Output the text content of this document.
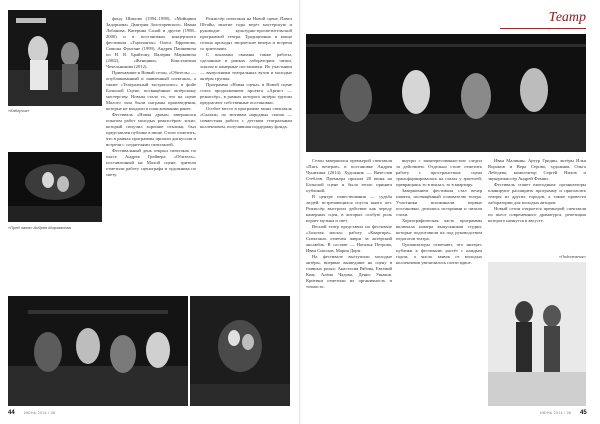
«Каблучок»
«Пред наем» Андрея Мирзаянова

фонд Шипова (1994–1998), «Мойщики Задорнова» Дмитрия Золотаревского, Ивана Лобанова, Катерина Салай и другие (1998–2000) и в постановках концертного фестиваля «Горизонты» Олега Ефремова, Симона Фонтане (1999), Андрея Пашкевича по Н. В. Брайтону, Валерия Марковича (2002), «Женщина» Константина Чечельникова (2012).

Приехавшие в Новый сезон, «Обитель» — опубликованный и заявленный спектакль, а также «Театральный экстрополис» в фойе Большой Сцене, посвящённые актёрскому мастерству. Новым стало то, что на сцене Малого зала были сыграны произведения, которые не входили в план компании ранее.

Фестиваль «Новая драма» завершился показом работ молодых режиссёров: эскиз, который получил хорошие отклики, был представлен публике в июне. Стоит отметить, что в рамках программы прошли дискуссии и встречи с создателями спектаклей.

Фестивальный день открыл спектакль по пьесе Андрея Грейвера «Обитель», поставленный на Малой сцене; зрители отметили работу сценографа и художника по свету.

Режиссёр спектакля на Новой сцене, Павел Штайн, многие годы ведёт мастерскую и руководит культурно-просветительской программой театра. Традиционно в конце сезона проходят творческие вечера и встречи со зрителями.

С показами связаны также работы, сделанные в рамках лаборатории: читки, эскизы и камерные постановки. Их участники — выпускники театральных вузов и молодые актёры труппы.

Программа «Новая сцена» в Новой сцене стала продолжением проекта «Артист — режиссёр», в рамках которого актёры труппы предлагают собственные постановки.

Особое место в программе занял спектакль «Сказки» по мотивам народных сказок — совместная работа с детским театральным коллективом, получившая поддержку фонда.

44	ИЮНЬ 2014 / 06
Театр

Сезон завершился премьерой спектакля «Пять вечеров» в постановке Андрея Чунихина (2014). Художник — Вячеслав Стеблов. Премьера прошла 28 июня на Большой сцене и была тепло принята публикой.

В центре повествования — судьба людей, встречающихся спустя много лет. Режиссёр выстроил действие как череду камерных сцен, в которых особую роль играет музыка и свет.

Весной театр представил на фестивале «Золотая маска» работу «Квартира». Спектакль отмечен жюри за актёрский ансамбль. В составе — Наталья Петрова, Иван Соколов, Мария Дорн.

На фестивале выступили молодые актёры, впервые вышедшие на сцену в главных ролях: Анастасия Рябова, Евгений Ким, Алёна Чадова, Денис Ушаков. Критики отметили их органичность и точность.

внутри с заинтересованностью следил за действием. Отдельно стоит отметить работу с пространством: сцена трансформировалась на глазах у зрителей, превращаясь то в вокзал, то в квартиру.

Завершением фестиваля стал вечер памяти, посвящённый основателю театра. Участники вспоминали первые постановки, делились историями и читали стихи.

Хореографическая часть программы включала номера выпускников студии, которые подготовили их под руководством педагогов театра.

Организаторы отмечают, что интерес публики к фестивалю растёт с каждым годом, а число заявок от молодых коллективов увеличилось почти вдвое.

Иван Малинин, Артур Гридин, актёры Илья Воронов и Вера Серова, художник Ольга Лебедева, композитор Сергей Нилов и звукорежиссёр Андрей Фомин.

Фестиваль станет ежегодным: организаторы планируют расширить программу и пригласить театры из других городов, а также провести лаборатории для молодых авторов.

Новый сезон откроется премьерой спектакля по пьесе современного драматурга, репетиции которого начнутся в августе.

«Подснежник»
ИЮНЬ 2014 / 06 45
